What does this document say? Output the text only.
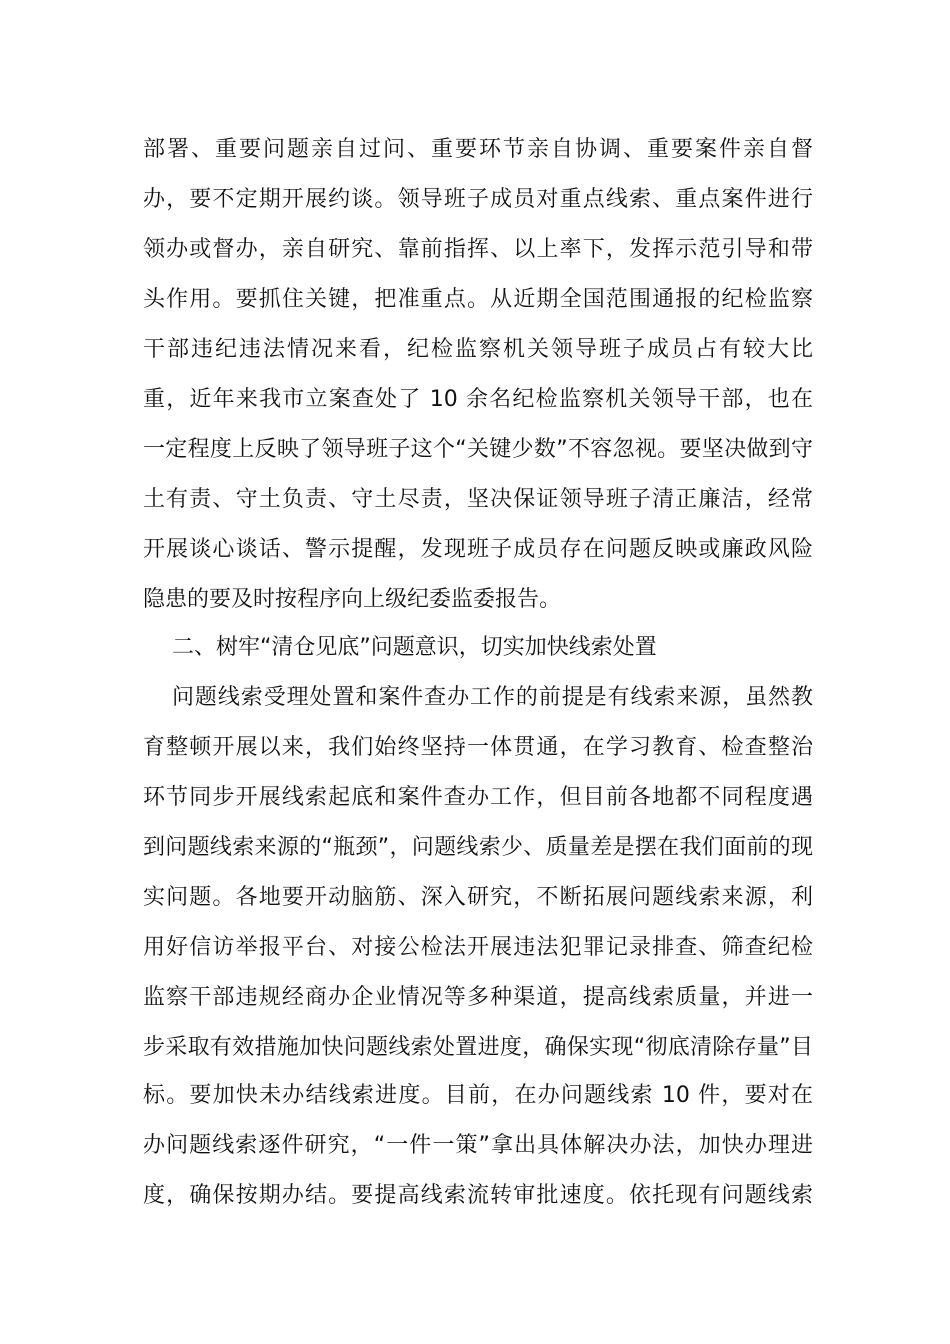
部署、重要问题亲自过问、重要环节亲自协调、重要案件亲自督
办，要不定期开展约谈。领导班子成员对重点线索、重点案件进行
领办或督办，亲自研究、靠前指挥、以上率下，发挥示范引导和带
头作用。要抓住关键，把准重点。从近期全国范围通报的纪检监察
干部违纪违法情况来看，纪检监察机关领导班子成员占有较大比
重，近年来我市立案查处了 10 余名纪检监察机关领导干部，也在
一定程度上反映了领导班子这个“关键少数”不容忽视。要坚决做到守
土有责、守土负责、守土尽责，坚决保证领导班子清正廉洁，经常
开展谈心谈话、警示提醒，发现班子成员存在问题反映或廉政风险
隐患的要及时按程序向上级纪委监委报告。
二、树牢“清仓见底”问题意识，切实加快线索处置
问题线索受理处置和案件查办工作的前提是有线索来源，虽然教
育整顿开展以来，我们始终坚持一体贯通，在学习教育、检查整治
环节同步开展线索起底和案件查办工作，但目前各地都不同程度遇
到问题线索来源的“瓶颈”，问题线索少、质量差是摆在我们面前的现
实问题。各地要开动脑筋、深入研究，不断拓展问题线索来源，利
用好信访举报平台、对接公检法开展违法犯罪记录排查、筛查纪检
监察干部违规经商办企业情况等多种渠道，提高线索质量，并进一
步采取有效措施加快问题线索处置进度，确保实现“彻底清除存量”目
标。要加快未办结线索进度。目前，在办问题线索 10 件，要对在
办问题线索逐件研究，“一件一策”拿出具体解决办法，加快办理进
度，确保按期办结。要提高线索流转审批速度。依托现有问题线索
